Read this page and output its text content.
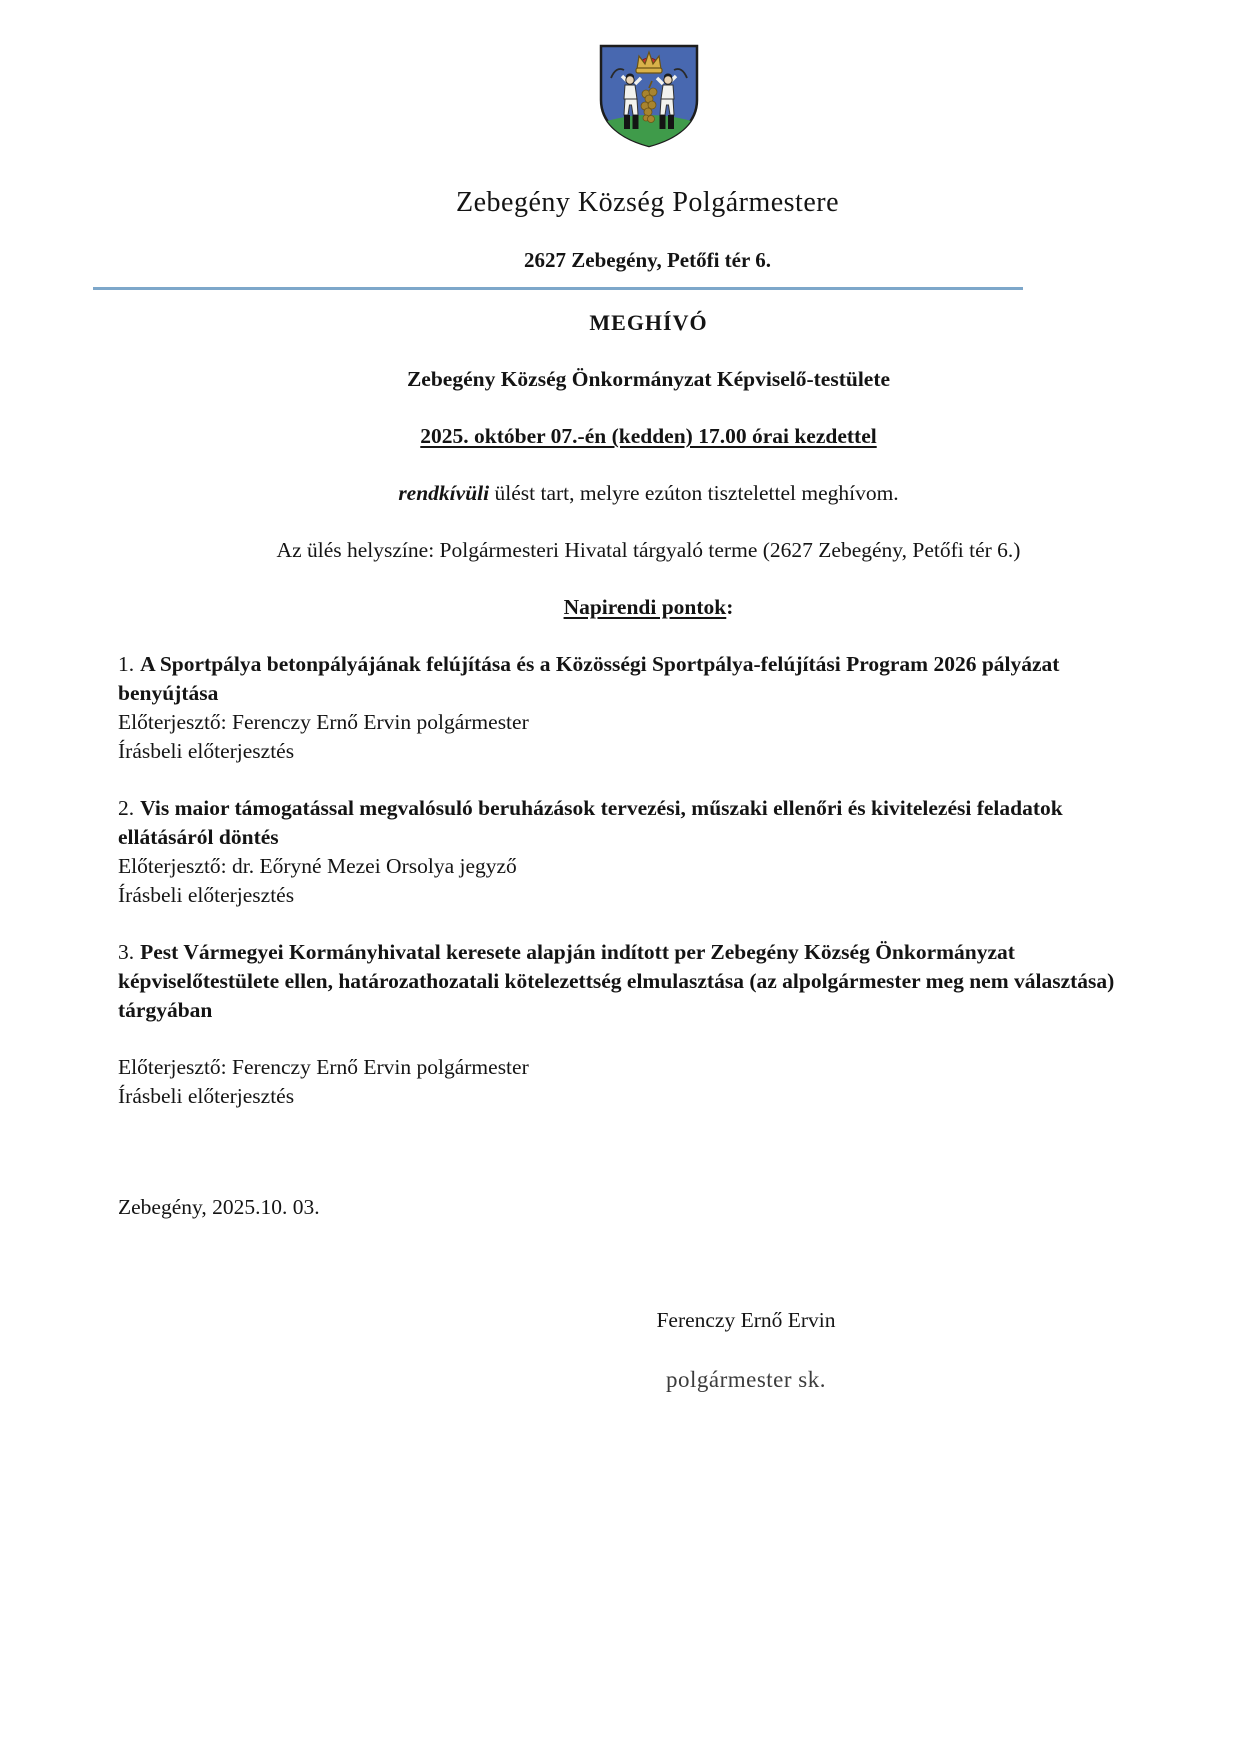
Zebegény Község Polgármestere
2627 Zebegény, Petőfi tér 6.

MEGHÍVÓ

Zebegény Község Önkormányzat Képviselő-testülete

2025. október 07.-én (kedden) 17.00 órai kezdettel

rendkívüli ülést tart, melyre ezúton tisztelettel meghívom.

Az ülés helyszíne: Polgármesteri Hivatal tárgyaló terme (2627 Zebegény, Petőfi tér 6.)

Napirendi pontok:

1. A Sportpálya betonpályájának felújítása és a Közösségi Sportpálya-felújítási Program 2026 pályázat benyújtása
Előterjesztő: Ferenczy Ernő Ervin polgármester
Írásbeli előterjesztés
2. Vis maior támogatással megvalósuló beruházások tervezési, műszaki ellenőri és kivitelezési feladatok ellátásáról döntés
Előterjesztő: dr. Eőryné Mezei Orsolya jegyző
Írásbeli előterjesztés
3. Pest Vármegyei Kormányhivatal keresete alapján indított per Zebegény Község Önkormányzat képviselőtestülete ellen, határozathozatali kötelezettség elmulasztása (az alpolgármester meg nem választása) tárgyában
Előterjesztő: Ferenczy Ernő Ervin polgármester
Írásbeli előterjesztés
Zebegény, 2025.10. 03.
Ferenczy Ernő Ervin
polgármester sk.
